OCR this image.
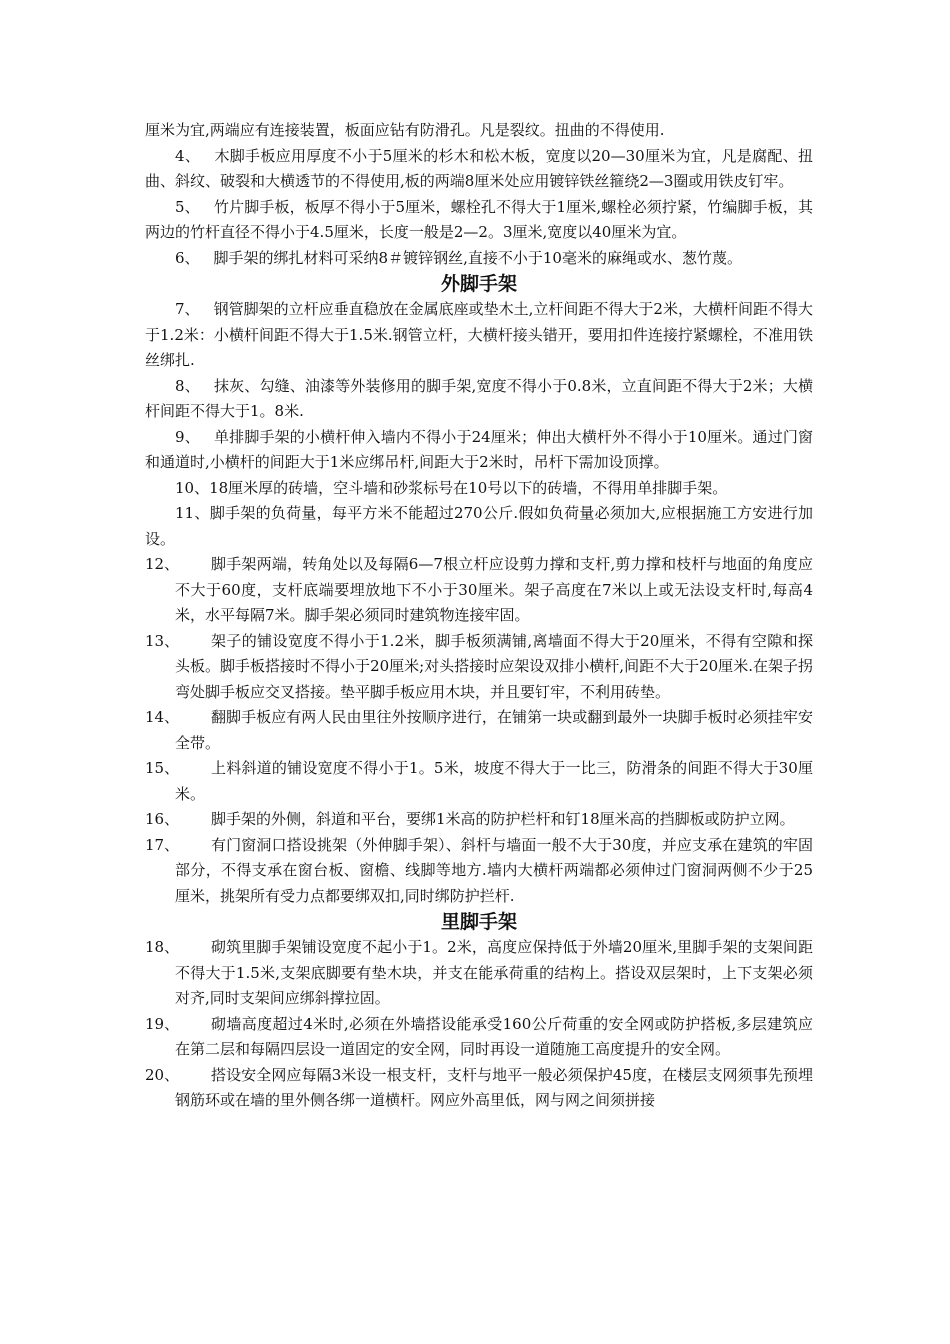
厘米为宜,两端应有连接装置，板面应钻有防滑孔。凡是裂纹。扭曲的不得使用.

4、 木脚手板应用厚度不小于5厘米的杉木和松木板，宽度以20—30厘米为宜，凡是腐配、扭曲、斜纹、破裂和大横透节的不得使用,板的两端8厘米处应用镀锌铁丝箍绕2—3圈或用铁皮钉牢。

5、 竹片脚手板，板厚不得小于5厘米，螺栓孔不得大于1厘米,螺栓必须拧紧，竹编脚手板，其两边的竹杆直径不得小于4.5厘米，长度一般是2—2。3厘米,宽度以40厘米为宜。

6、 脚手架的绑扎材料可采纳8＃镀锌钢丝,直接不小于10毫米的麻绳或水、葱竹蔑。

外脚手架

7、 钢管脚架的立杆应垂直稳放在金属底座或垫木土,立杆间距不得大于2米，大横杆间距不得大于1.2米：小横杆间距不得大于1.5米.钢管立杆，大横杆接头错开，要用扣件连接拧紧螺栓，不准用铁丝绑扎.

8、 抹灰、勾缝、油漆等外装修用的脚手架,宽度不得小于0.8米，立直间距不得大于2米；大横杆间距不得大于1。8米.

9、 单排脚手架的小横杆伸入墙内不得小于24厘米；伸出大横杆外不得小于10厘米。通过门窗和通道时,小横杆的间距大于1米应绑吊杆,间距大于2米时，吊杆下需加设顶撑。

10、18厘米厚的砖墙，空斗墙和砂浆标号在10号以下的砖墙，不得用单排脚手架。

11、脚手架的负荷量，每平方米不能超过270公斤.假如负荷量必须加大,应根据施工方安进行加设。

12、	脚手架两端，转角处以及每隔6—7根立杆应设剪力撑和支杆,剪力撑和枝杆与地面的角度应不大于60度，支杆底端要埋放地下不小于30厘米。架子高度在7米以上或无法设支杆时,每高4米，水平每隔7米。脚手架必须同时建筑物连接牢固。
13、	架子的铺设宽度不得小于1.2米，脚手板须满铺,离墙面不得大于20厘米，不得有空隙和探头板。脚手板搭接时不得小于20厘米;对头搭接时应架设双排小横杆,间距不大于20厘米.在架子拐弯处脚手板应交叉搭接。垫平脚手板应用木块，并且要钉牢，不利用砖垫。
14、	翻脚手板应有两人民由里往外按顺序进行，在铺第一块或翻到最外一块脚手板时必须挂牢安全带。
15、	上料斜道的铺设宽度不得小于1。5米，坡度不得大于一比三，防滑条的间距不得大于30厘米。
16、	脚手架的外侧，斜道和平台，要绑1米高的防护栏杆和钉18厘米高的挡脚板或防护立网。
17、	有门窗洞口搭设挑架（外伸脚手架）、斜杆与墙面一般不大于30度，并应支承在建筑的牢固部分，不得支承在窗台板、窗檐、线脚等地方.墙内大横杆两端都必须伸过门窗洞两侧不少于25厘米，挑架所有受力点都要绑双扣,同时绑防护拦杆.

里脚手架

18、	砌筑里脚手架铺设宽度不起小于1。2米，高度应保持低于外墙20厘米,里脚手架的支架间距不得大于1.5米,支架底脚要有垫木块，并支在能承荷重的结构上。搭设双层架时，上下支架必须对齐,同时支架间应绑斜撑拉固。
19、	砌墙高度超过4米时,必须在外墙搭设能承受160公斤荷重的安全网或防护搭板,多层建筑应在第二层和每隔四层设一道固定的安全网，同时再设一道随施工高度提升的安全网。
20、	搭设安全网应每隔3米设一根支杆，支杆与地平一般必须保护45度，在楼层支网须事先预埋钢筋环或在墙的里外侧各绑一道横杆。网应外高里低，网与网之间须拼接
